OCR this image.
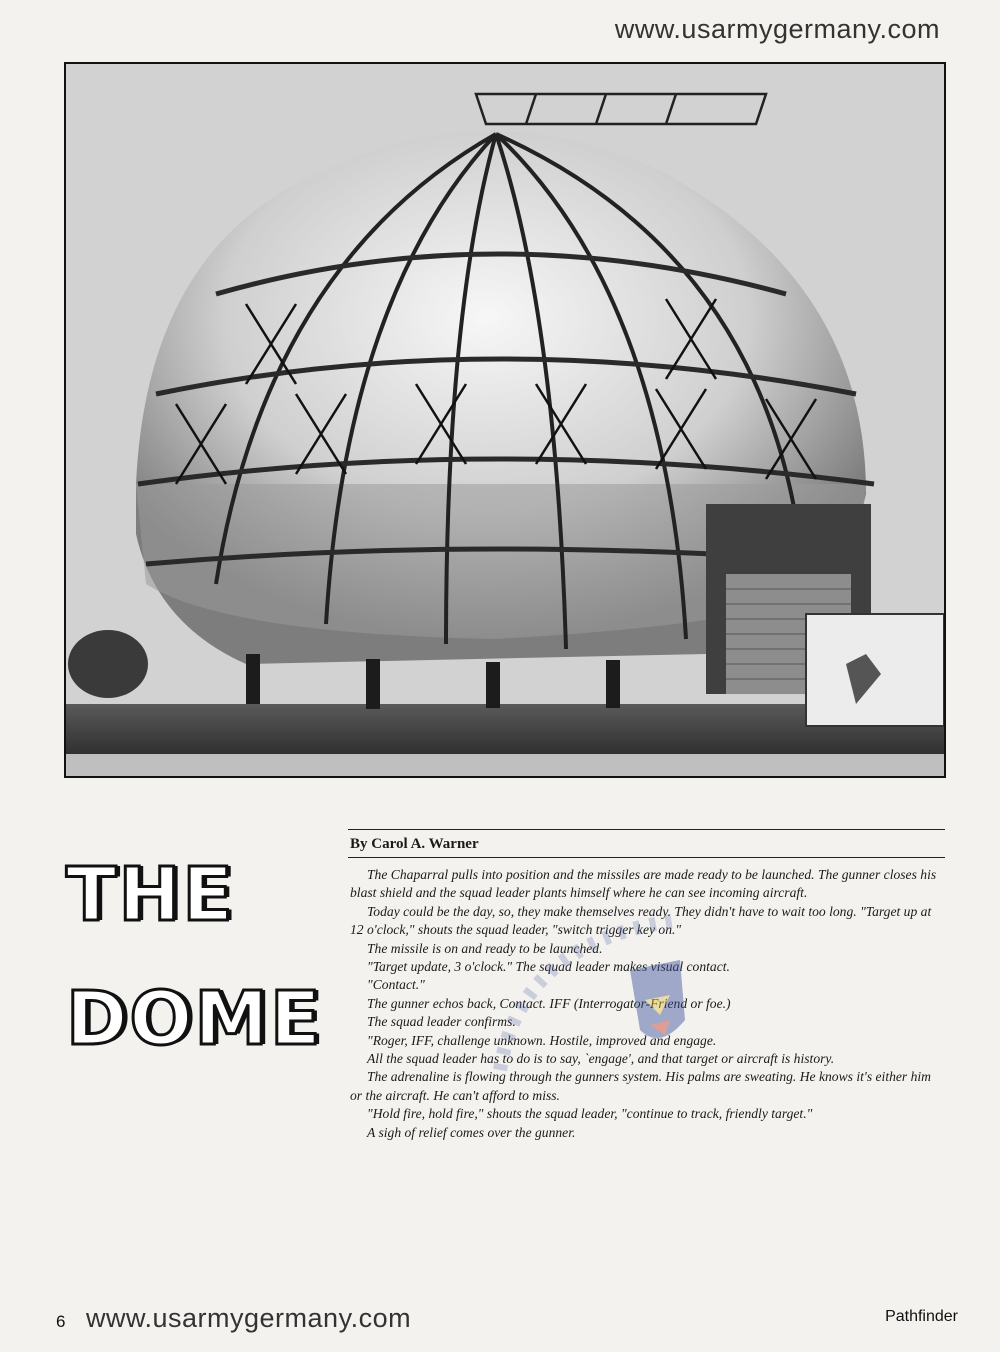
www.usarmygermany.com

THE
DOME
By Carol A. Warner

The Chaparral pulls into position and the missiles are made ready to be launched. The gunner closes his blast shield and the squad leader plants himself where he can see incoming aircraft.

Today could be the day, so, they make themselves ready. They didn't have to wait too long. "Target up at 12 o'clock," shouts the squad leader, "switch trigger key on."

The missile is on and ready to be launched.

"Target update, 3 o'clock." The squad leader makes visual contact.

"Contact."

The gunner echos back, Contact. IFF (Interrogator-Friend or foe.)

The squad leader confirms.

"Roger, IFF, challenge unknown. Hostile, improved and engage.

All the squad leader has to do is to say, `engage', and that target or aircraft is history.

The adrenaline is flowing through the gunners system. His palms are sweating. He knows it's either him or the aircraft. He can't afford to miss.

"Hold fire, hold fire," shouts the squad leader, "continue to track, friendly target."

A sigh of relief comes over the gunner.

6 www.usarmygermany.com	Pathfinder
